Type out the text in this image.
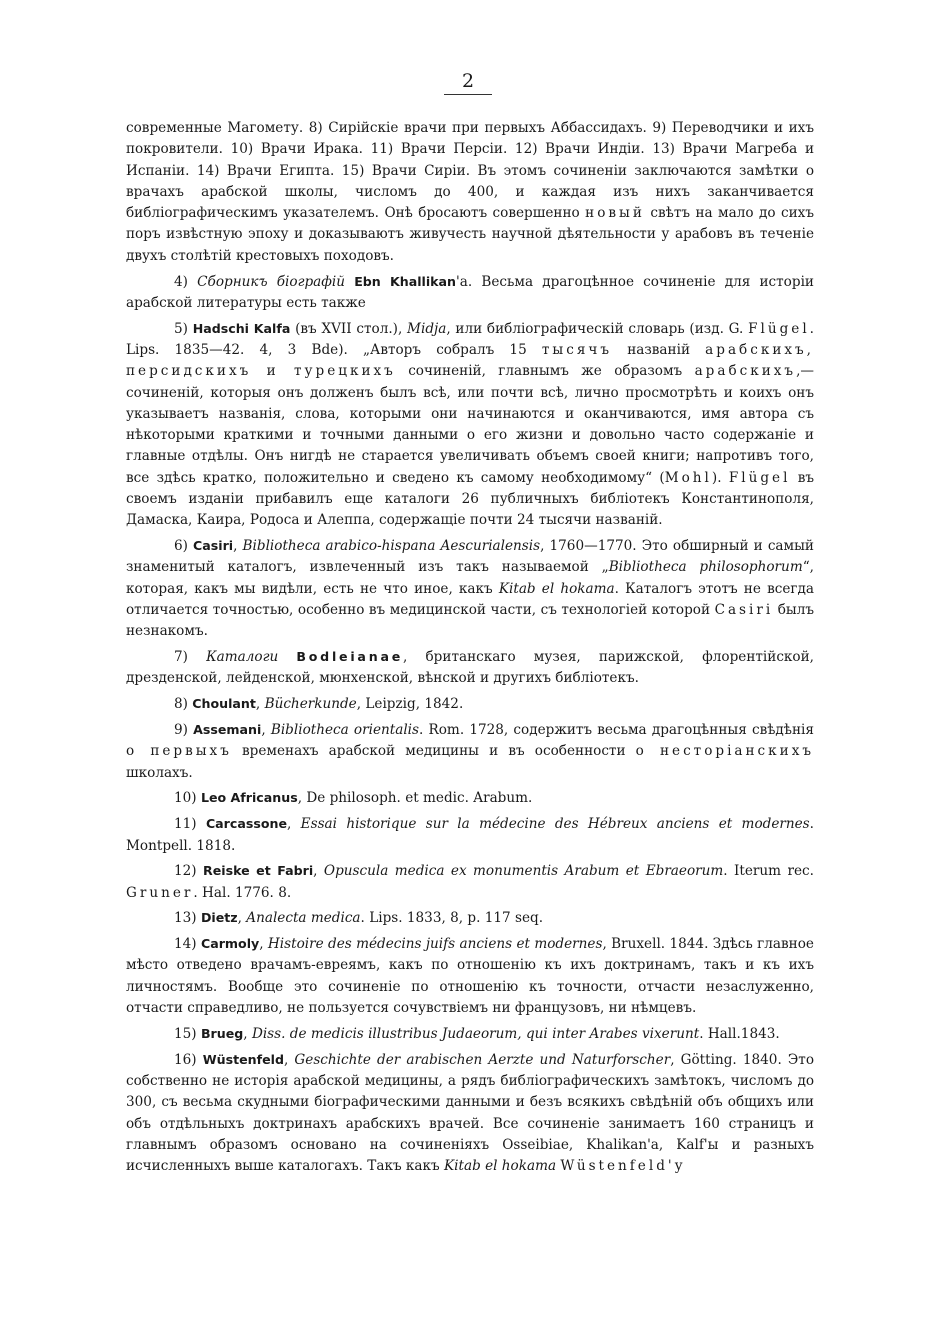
2

современные Магомету. 8) Сирійскіе врачи при первыхъ Аббассидахъ. 9) Переводчики и ихъ покровители. 10) Врачи Ирака. 11) Врачи Персіи. 12) Врачи Индіи. 13) Врачи Магреба и Испаніи. 14) Врачи Египта. 15) Врачи Сиріи. Въ этомъ сочиненіи заключаются замѣтки о врачахъ арабской школы, числомъ до 400, и каждая изъ нихъ заканчивается библіографическимъ указателемъ. Онѣ бросаютъ совершенно новый свѣтъ на мало до сихъ поръ извѣстную эпоху и доказываютъ живучесть научной дѣятельности у арабовъ въ теченіе двухъ столѣтій крестовыхъ походовъ.

4) Сборникъ біографій Ebn Khallikan'а. Весьма драгоцѣнное сочиненіе для исторіи арабской литературы есть также

5) Hadschi Kalfa (въ XVII стол.), Midja, или библіографическій словарь (изд. G. Flügel. Lips. 1835—42. 4, 3 Bde). „Авторъ собралъ 15 тысячъ названій арабскихъ, персидскихъ и турецкихъ сочиненій, главнымъ же образомъ арабскихъ,—сочиненій, которыя онъ долженъ былъ всѣ, или почти всѣ, лично просмотрѣть и коихъ онъ указываетъ названія, слова, которыми они начинаются и оканчиваются, имя автора съ нѣкоторыми краткими и точными данными о его жизни и довольно часто содержаніе и главные отдѣлы. Онъ нигдѣ не старается увеличивать объемъ своей книги; напротивъ того, все здѣсь кратко, положительно и сведено къ самому необходимому“ (Mohl). Flügel въ своемъ изданіи прибавилъ еще каталоги 26 публичныхъ библіотекъ Константинополя, Дамаска, Каира, Родоса и Алеппа, содержащіе почти 24 тысячи названій.

6) Casiri, Bibliotheca arabico-hispana Aescurialensis, 1760—1770. Это обширный и самый знаменитый каталогъ, извлеченный изъ такъ называемой „Bibliotheca philosophorum“, которая, какъ мы видѣли, есть не что иное, какъ Kitab el hokama. Каталогъ этотъ не всегда отличается точностью, особенно въ медицинской части, съ технологіей которой Casiri былъ незнакомъ.

7) Каталоги Bodleianae, британскаго музея, парижской, флорентійской, дрезденской, лейденской, мюнхенской, вѣнской и другихъ библіотекъ.

8) Choulant, Bücherkunde, Leipzig, 1842.

9) Assemani, Bibliotheca orientalis. Rom. 1728, содержитъ весьма драгоцѣнныя свѣдѣнія о первыхъ временахъ арабской медицины и въ особенности о несторіанскихъ школахъ.

10) Leo Africanus, De philosoph. et medic. Arabum.

11) Carcassone, Essai historique sur la médecine des Hébreux anciens et modernes. Montpell. 1818.

12) Reiske et Fabri, Opuscula medica ex monumentis Arabum et Ebraeorum. Iterum rec. Gruner. Hal. 1776. 8.

13) Dietz, Analecta medica. Lips. 1833, 8, p. 117 seq.

14) Carmoly, Histoire des médecins juifs anciens et modernes, Bruxell. 1844. Здѣсь главное мѣсто отведено врачамъ-евреямъ, какъ по отношенію къ ихъ доктринамъ, такъ и къ ихъ личностямъ. Вообще это сочиненіе по отношенію къ точности, отчасти незаслуженно, отчасти справедливо, не пользуется сочувствіемъ ни французовъ, ни нѣмцевъ.

15) Brueg, Diss. de medicis illustribus Judaeorum, qui inter Arabes vixerunt. Hall.1843.

16) Wüstenfeld, Geschichte der arabischen Aerzte und Naturforscher, Götting. 1840. Это собственно не исторія арабской медицины, а рядъ библіографическихъ замѣтокъ, числомъ до 300, съ весьма скудными біографическими данными и безъ всякихъ свѣдѣній объ общихъ или объ отдѣльныхъ доктринахъ арабскихъ врачей. Все сочиненіе занимаетъ 160 страницъ и главнымъ образомъ основано на сочиненіяхъ Osseibiae, Khalikan'a, Kalf'ы и разныхъ исчисленныхъ выше каталогахъ. Такъ какъ Kitab el hokama Wüstenfeld'у
